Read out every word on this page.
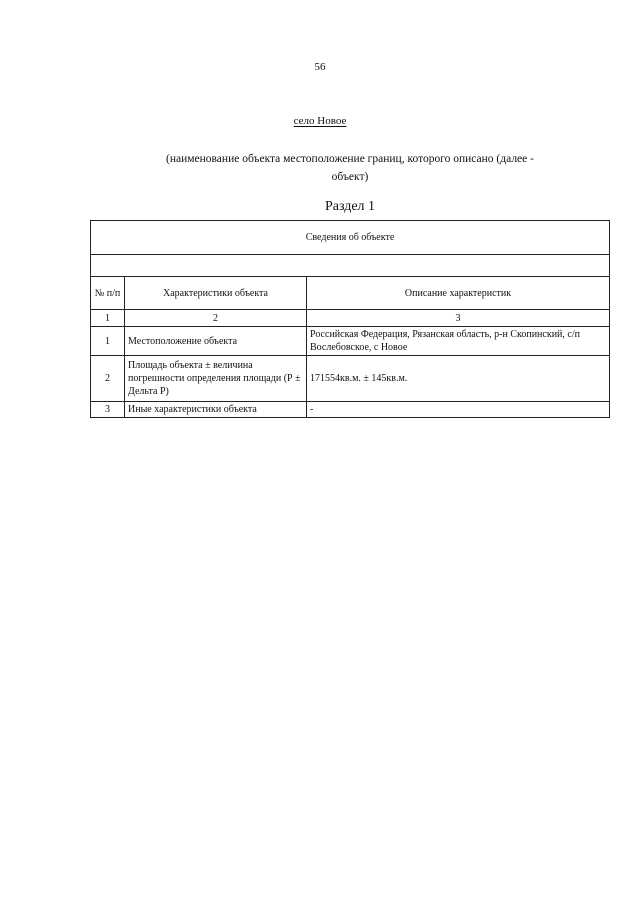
56
село Новое
(наименование объекта местоположение границ, которого описано (далее - объект)
Раздел 1
Сведения об объекте		

№ п/п	Характеристики объекта	Описание характеристик
1	2	3
1	Местоположение объекта	Российская Федерация, Рязанская область, р-н Скопинский, с/п Вослебовское, с Новое
2	Площадь объекта ± величина погрешности определения площади (Р ± Дельта Р)	171554кв.м. ± 145кв.м.
3	Иные характеристики объекта	-
